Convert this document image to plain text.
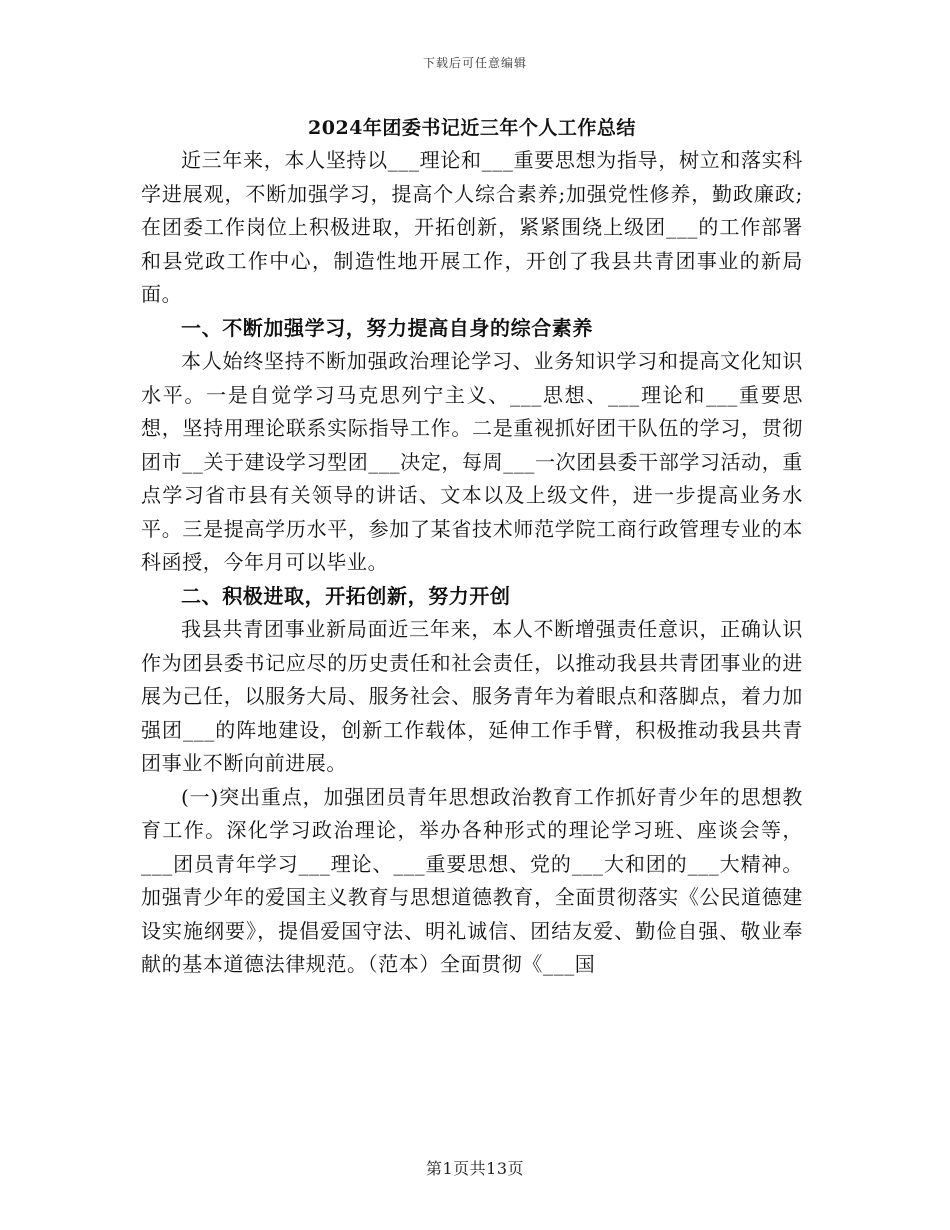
下载后可任意编辑
2024年团委书记近三年个人工作总结

近三年来，本人坚持以___理论和___重要思想为指导，树立和落实科学进展观，不断加强学习，提高个人综合素养;加强党性修养，勤政廉政;在团委工作岗位上积极进取，开拓创新，紧紧围绕上级团___的工作部署和县党政工作中心，制造性地开展工作，开创了我县共青团事业的新局面。

一、不断加强学习，努力提高自身的综合素养

本人始终坚持不断加强政治理论学习、业务知识学习和提高文化知识水平。一是自觉学习马克思列宁主义、___思想、___理论和___重要思想，坚持用理论联系实际指导工作。二是重视抓好团干队伍的学习，贯彻团市__关于建设学习型团___决定，每周___一次团县委干部学习活动，重点学习省市县有关领导的讲话、文本以及上级文件，进一步提高业务水平。三是提高学历水平，参加了某省技术师范学院工商行政管理专业的本科函授，今年月可以毕业。

二、积极进取，开拓创新，努力开创

我县共青团事业新局面近三年来，本人不断增强责任意识，正确认识作为团县委书记应尽的历史责任和社会责任，以推动我县共青团事业的进展为己任，以服务大局、服务社会、服务青年为着眼点和落脚点，着力加强团___的阵地建设，创新工作载体，延伸工作手臂，积极推动我县共青团事业不断向前进展。

(一)突出重点，加强团员青年思想政治教育工作抓好青少年的思想教育工作。深化学习政治理论，举办各种形式的理论学习班、座谈会等，___团员青年学习___理论、___重要思想、党的___大和团的___大精神。加强青少年的爱国主义教育与思想道德教育，全面贯彻落实《公民道德建设实施纲要》，提倡爱国守法、明礼诚信、团结友爱、勤俭自强、敬业奉献的基本道德法律规范。（范本）全面贯彻《___国

第1页共13页
